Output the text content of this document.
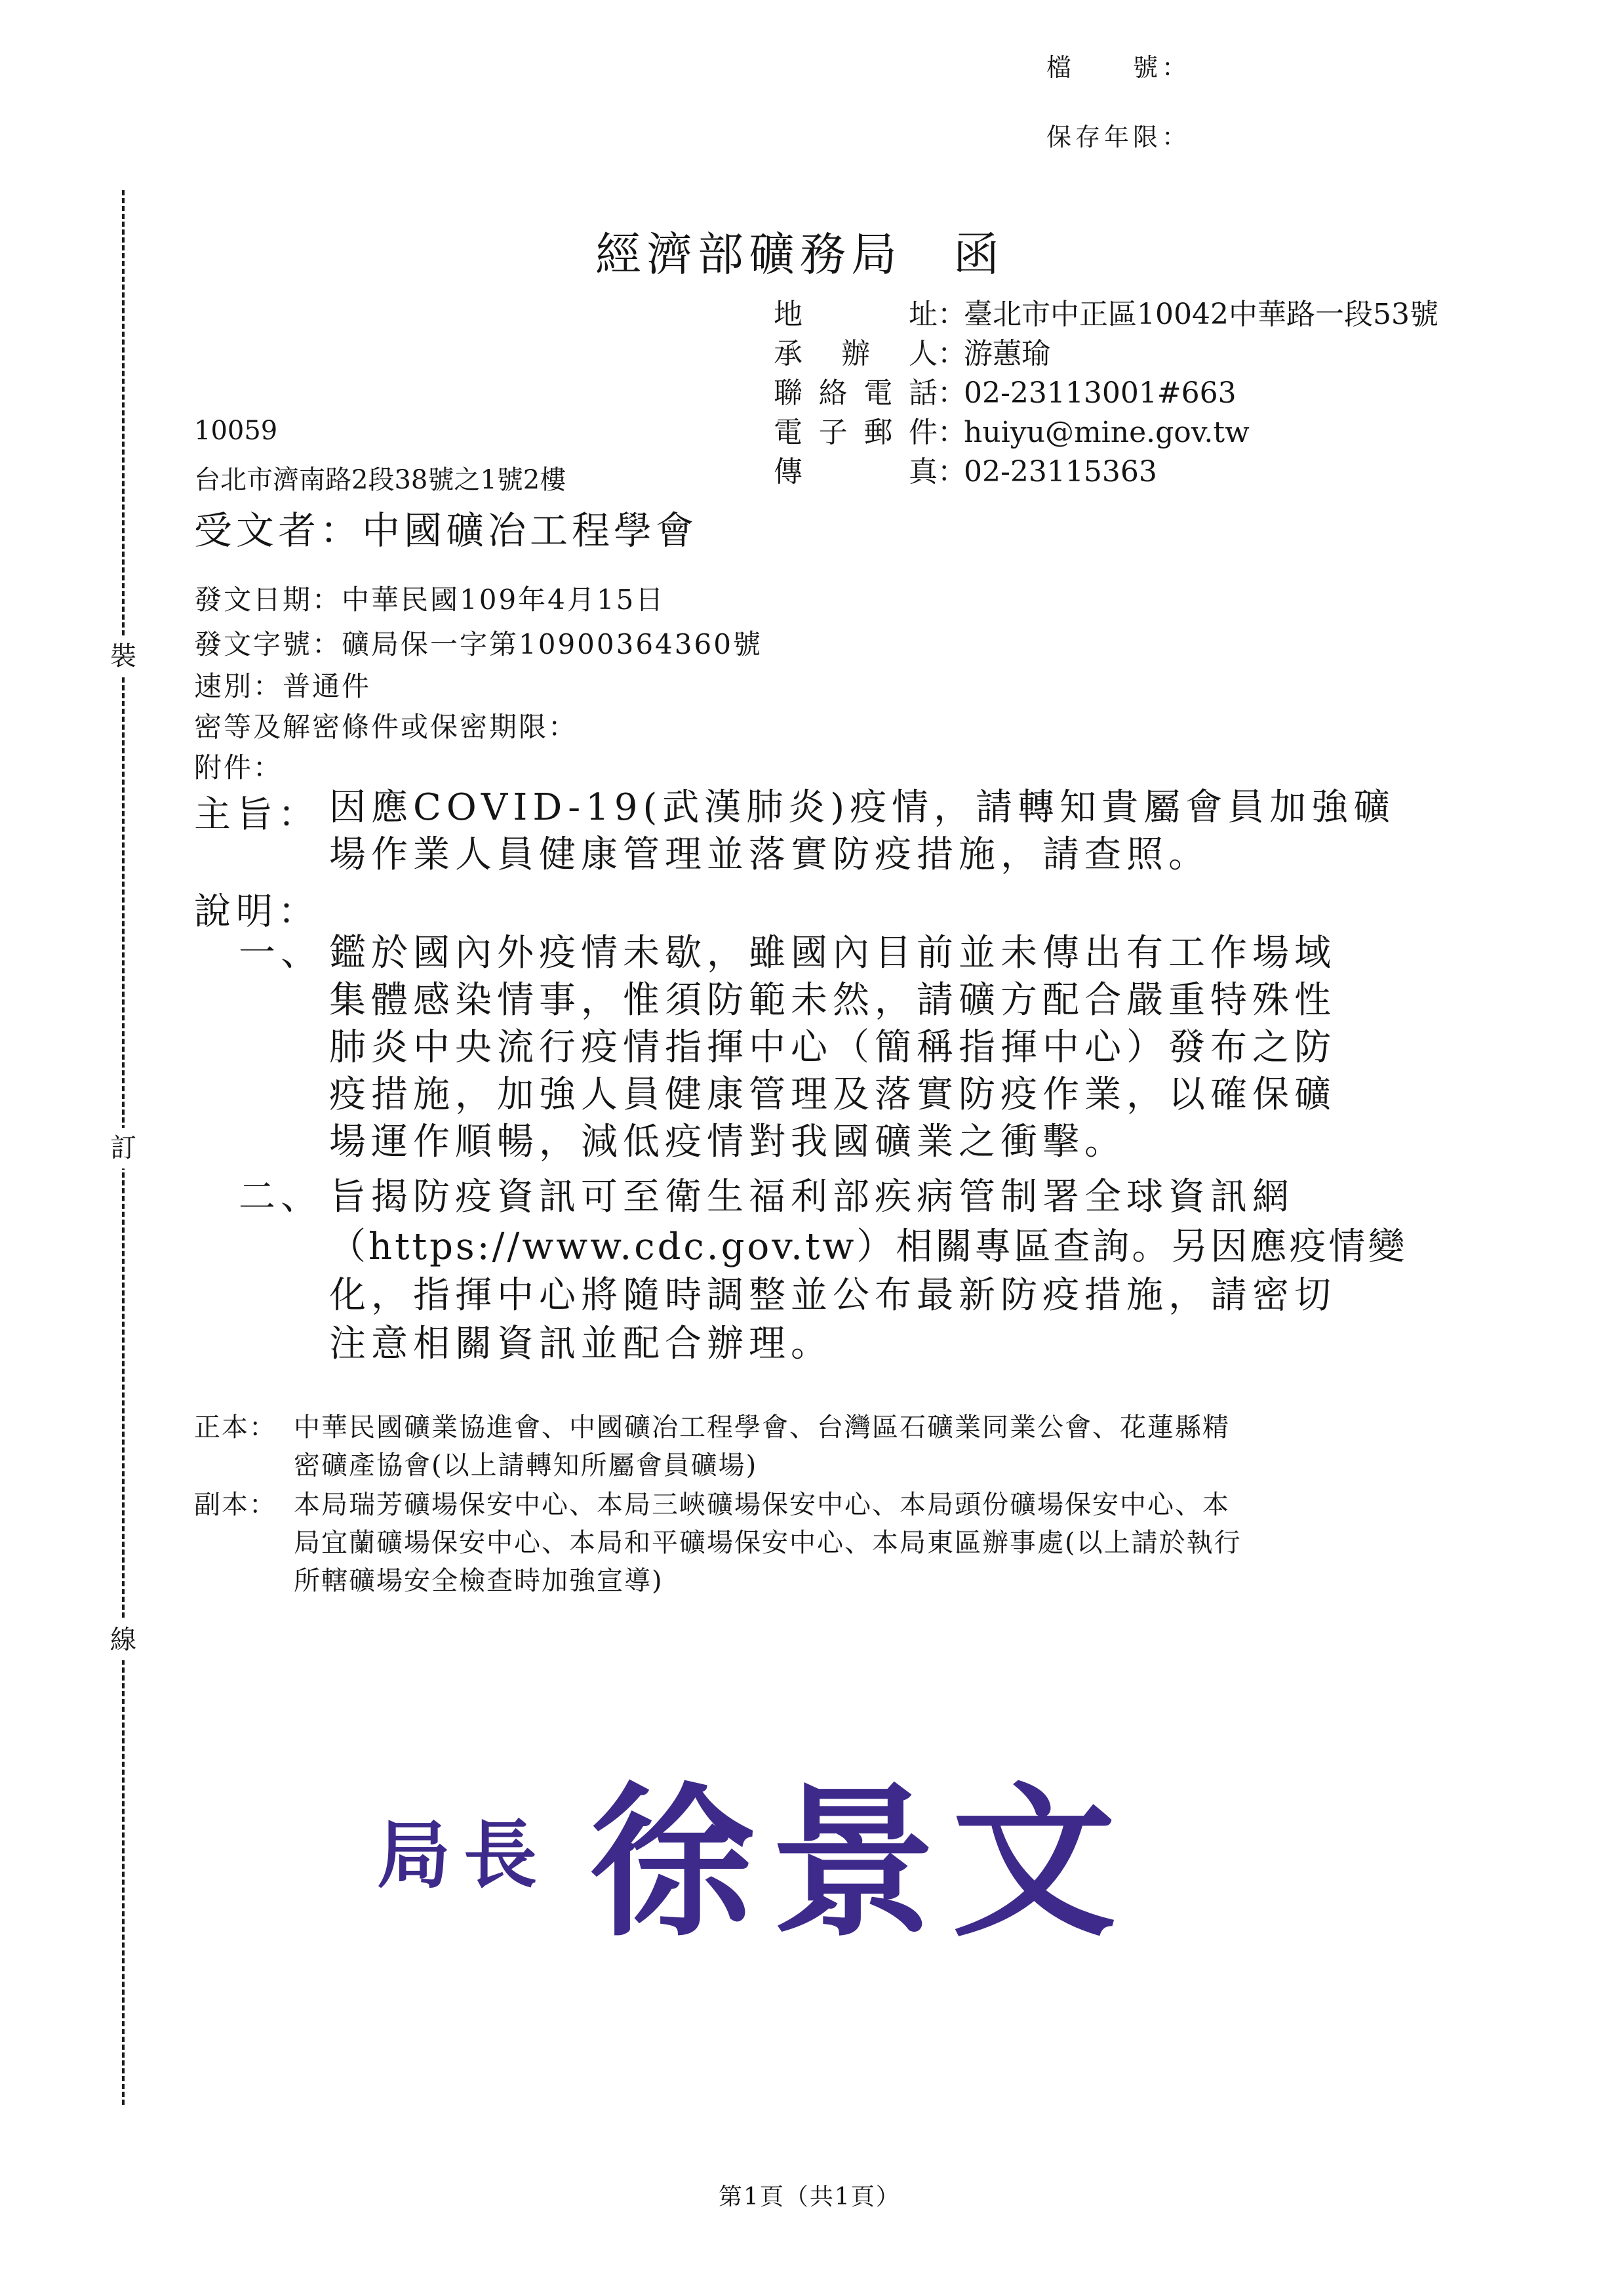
裝
訂
線
檔　　號：
保存年限：
經濟部礦務局　函
地　　址：臺北市中正區10042中華路一段53號
承 辦 人：游蕙瑜
聯絡電話：02-23113001#663
電子郵件：huiyu@mine.gov.tw
傳　　真：02-23115363
10059
台北市濟南路2段38號之1號2樓
受文者：中國礦冶工程學會
發文日期：中華民國109年4月15日
發文字號：礦局保一字第10900364360號
速別：普通件
密等及解密條件或保密期限：
附件：
主旨： 因應COVID-19(武漢肺炎)疫情，請轉知貴屬會員加強礦
場作業人員健康管理並落實防疫措施，請查照。
說明：
一、 鑑於國內外疫情未歇，雖國內目前並未傳出有工作場域
集體感染情事，惟須防範未然，請礦方配合嚴重特殊性
肺炎中央流行疫情指揮中心（簡稱指揮中心）發布之防
疫措施，加強人員健康管理及落實防疫作業，以確保礦
場運作順暢，減低疫情對我國礦業之衝擊。
二、 旨揭防疫資訊可至衛生福利部疾病管制署全球資訊網
（https://www.cdc.gov.tw）相關專區查詢。另因應疫情變
化，指揮中心將隨時調整並公布最新防疫措施，請密切
注意相關資訊並配合辦理。
正本： 中華民國礦業協進會、中國礦冶工程學會、台灣區石礦業同業公會、花蓮縣精
密礦產協會(以上請轉知所屬會員礦場)
副本： 本局瑞芳礦場保安中心、本局三峽礦場保安中心、本局頭份礦場保安中心、本
局宜蘭礦場保安中心、本局和平礦場保安中心、本局東區辦事處(以上請於執行
所轄礦場安全檢查時加強宣導)
局長 徐景文
第1頁（共1頁）
